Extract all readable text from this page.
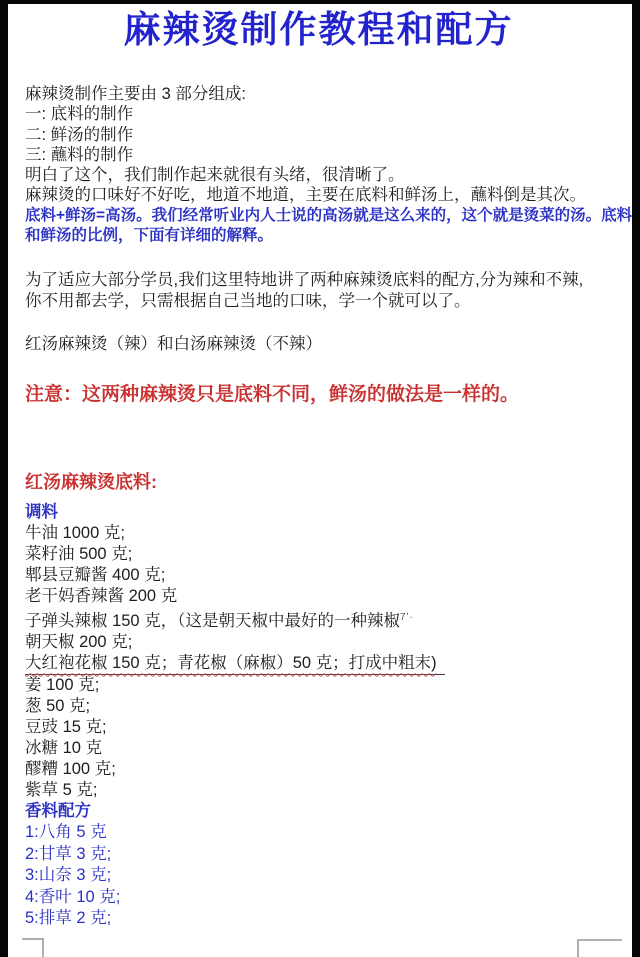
麻辣烫制作教程和配方
麻辣烫制作主要由 3 部分组成:
一: 底料的制作
二: 鲜汤的制作
三: 蘸料的制作
明白了这个，我们制作起来就很有头绪，很清晰了。
麻辣烫的口味好不好吃，地道不地道，主要在底料和鲜汤上，蘸料倒是其次。
底料+鲜汤=高汤。我们经常听业内人士说的高汤就是这么来的，这个就是烫菜的汤。底料
和鲜汤的比例，下面有详细的解释。
为了适应大部分学员,我们这里特地讲了两种麻辣烫底料的配方,分为辣和不辣,
你不用都去学，只需根据自己当地的口味，学一个就可以了。
红汤麻辣烫（辣）和白汤麻辣烫（不辣）
注意：这两种麻辣烫只是底料不同，鲜汤的做法是一样的。
红汤麻辣烫底料:
调料
牛油 1000 克;
菜籽油 500 克;
郫县豆瓣酱 400 克;
老干妈香辣酱 200 克
子弹头辣椒 150 克，（这是朝天椒中最好的一种辣椒$^{7ʹ\cdot}$
朝天椒 200 克;
大红袍花椒 150 克；青花椒（麻椒）50 克；打成中粗末)
姜 100 克;
葱 50 克;
豆豉 15 克;
冰糖 10 克
醪糟 100 克;
紫草 5 克;
香料配方
1:八角 5 克
2:甘草 3 克;
3:山奈 3 克;
4:香叶 10 克;
5:排草 2 克;
